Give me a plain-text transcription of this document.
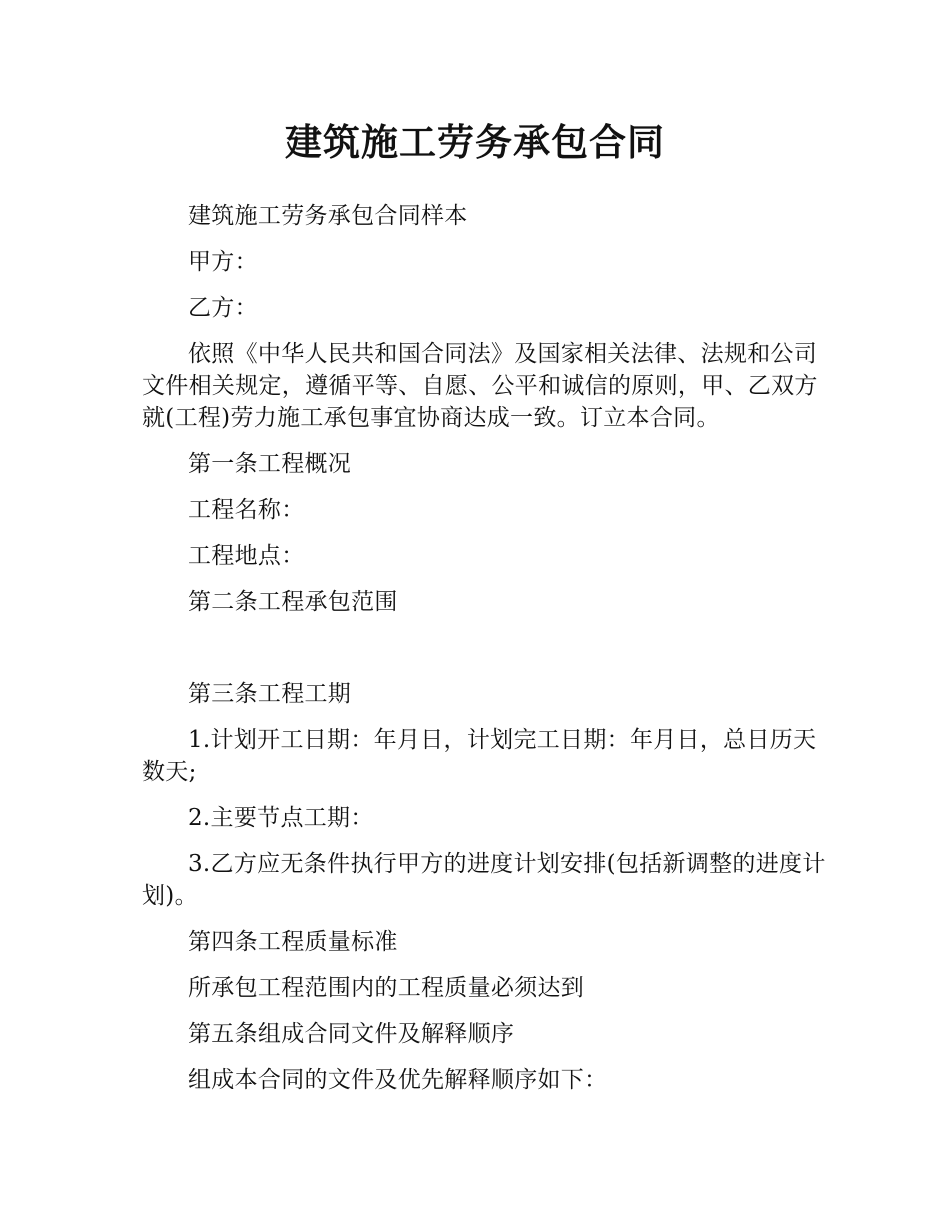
建筑施工劳务承包合同

建筑施工劳务承包合同样本

甲方：

乙方：

依照《中华人民共和国合同法》及国家相关法律、法规和公司文件相关规定，遵循平等、自愿、公平和诚信的原则，甲、乙双方就(工程)劳力施工承包事宜协商达成一致。订立本合同。

第一条工程概况

工程名称：

工程地点：

第二条工程承包范围

第三条工程工期

1.计划开工日期：年月日，计划完工日期：年月日，总日历天数天;

2.主要节点工期：

3.乙方应无条件执行甲方的进度计划安排(包括新调整的进度计划)。

第四条工程质量标准

所承包工程范围内的工程质量必须达到

第五条组成合同文件及解释顺序

组成本合同的文件及优先解释顺序如下：
